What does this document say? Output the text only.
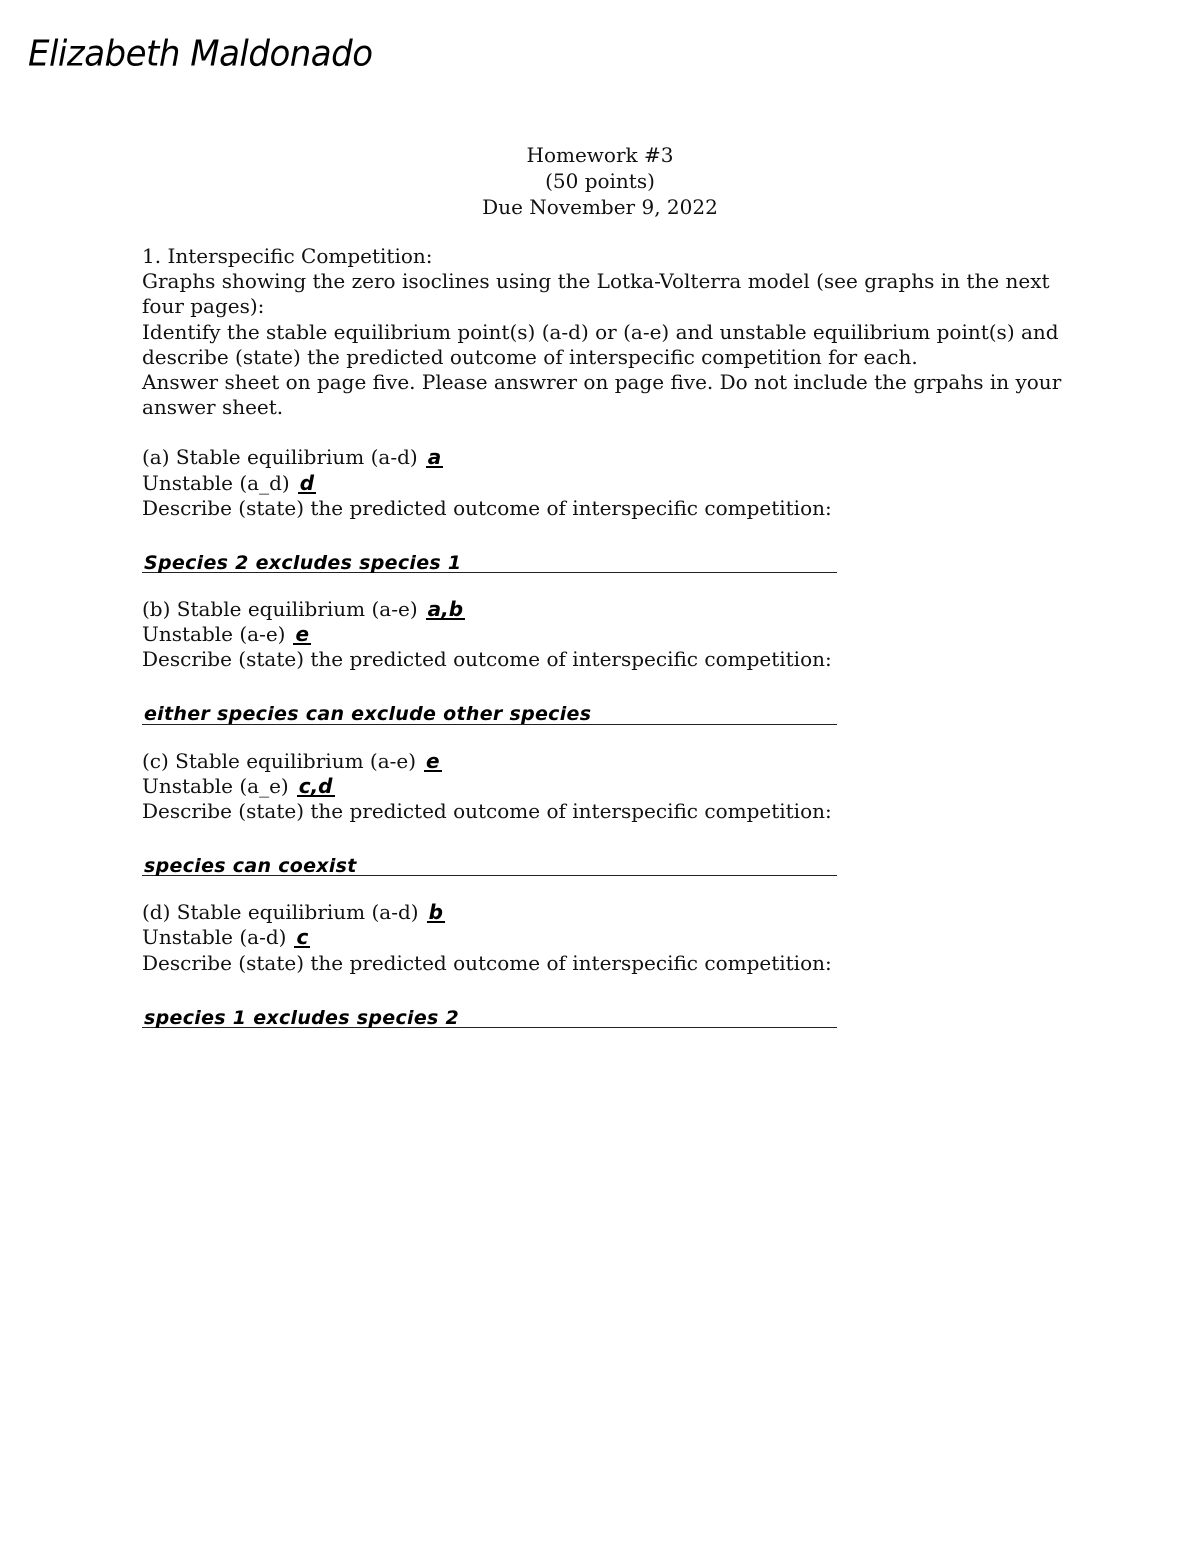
Elizabeth Maldonado
Homework #3
(50 points)
Due November 9, 2022

1. Interspecific Competition:

Graphs showing the zero isoclines using the Lotka-Volterra model (see graphs in the next four pages):

Identify the stable equilibrium point(s) (a-d) or (a-e) and unstable equilibrium point(s) and describe (state) the predicted outcome of interspecific competition for each.

Answer sheet on page five. Please answrer on page five. Do not include the grpahs in your answer sheet.

(a) Stable equilibrium (a-d) a

Unstable (a_d) d

Describe (state) the predicted outcome of interspecific competition:

Species 2 excludes species 1

(b) Stable equilibrium (a-e) a,b

Unstable (a-e) e

Describe (state) the predicted outcome of interspecific competition:

either species can exclude other species

(c) Stable equilibrium (a-e) e

Unstable (a_e) c,d

Describe (state) the predicted outcome of interspecific competition:

species can coexist

(d) Stable equilibrium (a-d) b

Unstable (a-d) c

Describe (state) the predicted outcome of interspecific competition:

species 1 excludes species 2
